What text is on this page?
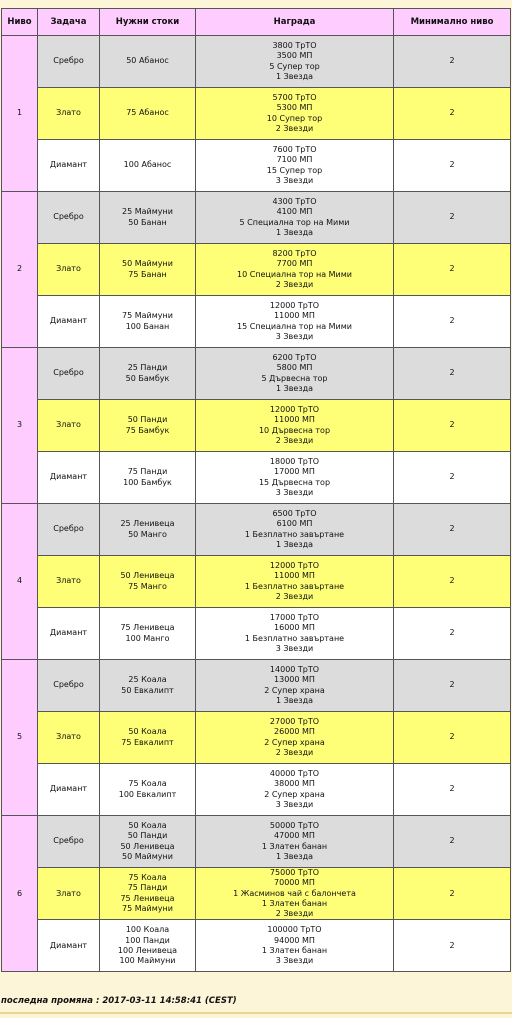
Ниво	Задача	Нужни стоки	Награда	Минимално ниво
1	Сребро	50 Абанос	3800 ТрТО
3500 МП
5 Супер тор
1 Звезда	2
	Злато	75 Абанос	5700 ТрТО
5300 МП
10 Супер тор
2 Звезди	2
	Диамант	100 Абанос	7600 ТрТО
7100 МП
15 Супер тор
3 Звезди	2
2	Сребро	25 Маймуни
50 Банан	4300 ТрТО
4100 МП
5 Специална тор на Мими
1 Звезда	2
	Злато	50 Маймуни
75 Банан	8200 ТрТО
7700 МП
10 Специална тор на Мими
2 Звезди	2
	Диамант	75 Маймуни
100 Банан	12000 ТрТО
11000 МП
15 Специална тор на Мими
3 Звезди	2
3	Сребро	25 Панди
50 Бамбук	6200 ТрТО
5800 МП
5 Дървесна тор
1 Звезда	2
	Злато	50 Панди
75 Бамбук	12000 ТрТО
11000 МП
10 Дървесна тор
2 Звезди	2
	Диамант	75 Панди
100 Бамбук	18000 ТрТО
17000 МП
15 Дървесна тор
3 Звезди	2
4	Сребро	25 Ленивеца
50 Манго	6500 ТрТО
6100 МП
1 Безплатно завъртане
1 Звезда	2
	Злато	50 Ленивеца
75 Манго	12000 ТрТО
11000 МП
1 Безплатно завъртане
2 Звезди	2
	Диамант	75 Ленивеца
100 Манго	17000 ТрТО
16000 МП
1 Безплатно завъртане
3 Звезди	2
5	Сребро	25 Коала
50 Евкалипт	14000 ТрТО
13000 МП
2 Супер храна
1 Звезда	2
	Злато	50 Коала
75 Евкалипт	27000 ТрТО
26000 МП
2 Супер храна
2 Звезди	2
	Диамант	75 Коала
100 Евкалипт	40000 ТрТО
38000 МП
2 Супер храна
3 Звезди	2
6	Сребро	50 Коала
50 Панди
50 Ленивеца
50 Маймуни	50000 ТрТО
47000 МП
1 Златен банан
1 Звезда	2
	Злато	75 Коала
75 Панди
75 Ленивеца
75 Маймуни	75000 ТрТО
70000 МП
1 Жасминов чай с балончета
1 Златен банан
2 Звезди	2
	Диамант	100 Коала
100 Панди
100 Ленивеца
100 Маймуни	100000 ТрТО
94000 МП
1 Златен банан
3 Звезди	2
последна промяна : 2017-03-11 14:58:41 (CEST)
